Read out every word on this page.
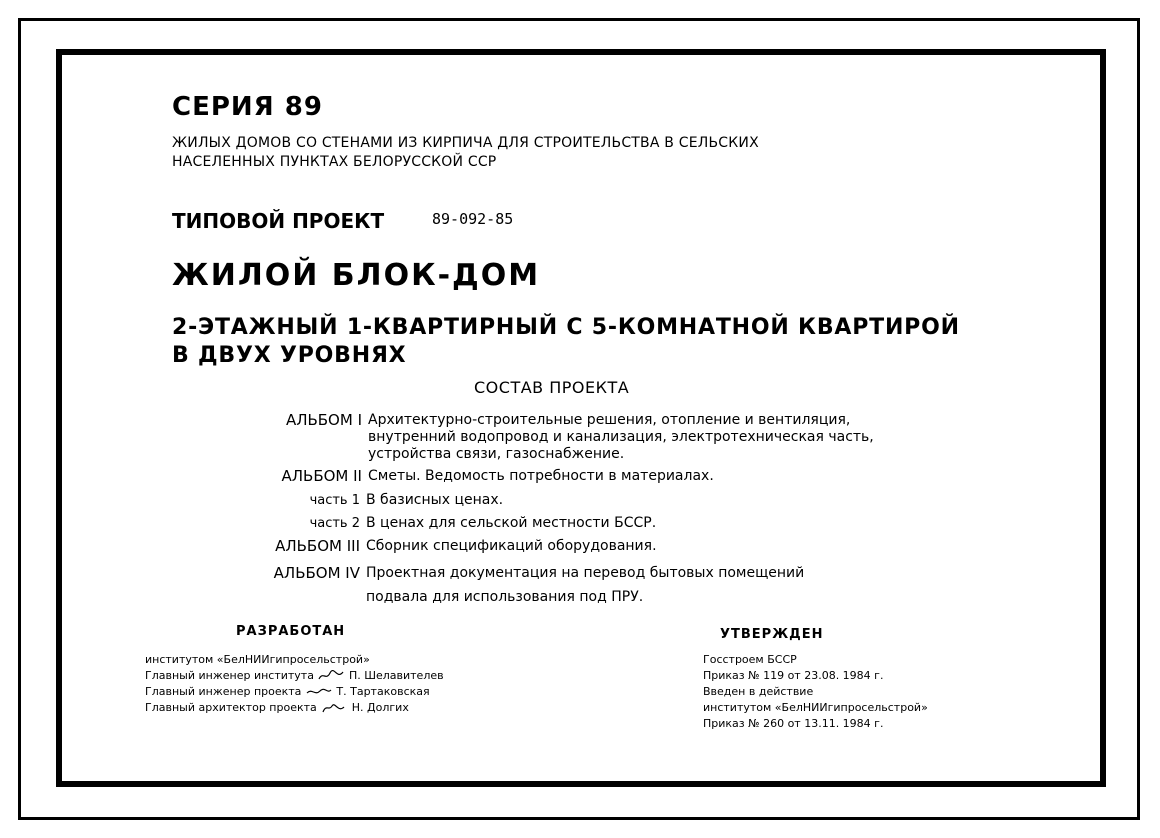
СЕРИЯ 89
ЖИЛЫХ ДОМОВ СО СТЕНАМИ ИЗ КИРПИЧА ДЛЯ СТРОИТЕЛЬСТВА В СЕЛЬСКИХ
НАСЕЛЕННЫХ ПУНКТАХ БЕЛОРУССКОЙ ССР
ТИПОВОЙ ПРОЕКТ	89-092-85
ЖИЛОЙ БЛОК-ДОМ
2-ЭТАЖНЫЙ 1-КВАРТИРНЫЙ С 5-КОМНАТНОЙ КВАРТИРОЙ
В ДВУХ УРОВНЯХ
СОСТАВ ПРОЕКТА
АЛЬБОМ I Архитектурно-строительные решения, отопление и вентиляция,
внутренний водопровод и канализация, электротехническая часть,
устройства связи, газоснабжение.
АЛЬБОМ II Сметы. Ведомость потребности в материалах.
часть 1 В базисных ценах.
часть 2 В ценах для сельской местности БССР.
АЛЬБОМ III Сборник спецификаций оборудования.
АЛЬБОМ IV Проектная документация на перевод бытовых помещений
подвала для использования под ПРУ.
РАЗРАБОТАН
институтом «БелНИИгипросельстрой»
Главный инженер института	П. Шелавителев
Главный инженер проекта	Т. Тартаковская
Главный архитектор проекта	Н. Долгих
УТВЕРЖДЕН
Госстроем БССР
Приказ № 119 от 23.08. 1984 г.
Введен в действие
институтом «БелНИИгипросельстрой»
Приказ № 260 от 13.11. 1984 г.
